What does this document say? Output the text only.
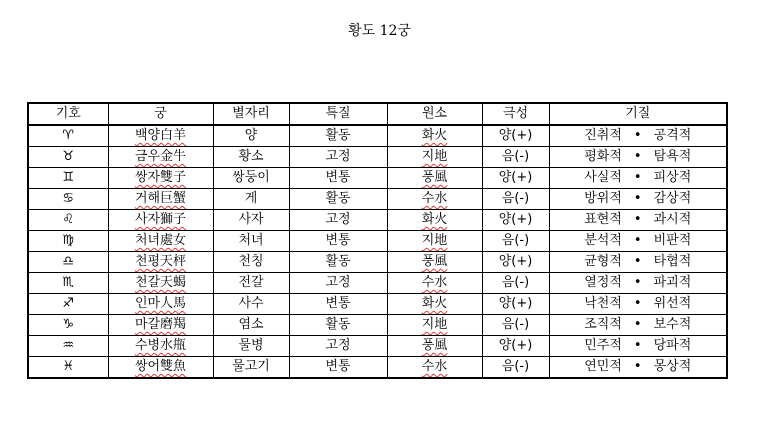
황도 12궁
기호	궁	별자리	특질	원소	극성	기질
♈	백양白羊	양	활동	화火	양(+)	진취적 • 공격적
♉	금우金牛	황소	고정	지地	음(-)	평화적 • 탐욕적
♊	쌍자雙子	쌍둥이	변통	풍風	양(+)	사실적 • 피상적
♋	거해巨蟹	게	활동	수水	음(-)	방위적 • 감상적
♌	사자獅子	사자	고정	화火	양(+)	표현적 • 과시적
♍	처녀處女	처녀	변통	지地	음(-)	분석적 • 비판적
♎	천평天枰	천칭	활동	풍風	양(+)	균형적 • 타협적
♏	천갈天蝎	전갈	고정	수水	음(-)	열정적 • 파괴적
♐	인마人馬	사수	변통	화火	양(+)	낙천적 • 위선적
♑	마갈磨羯	염소	활동	지地	음(-)	조직적 • 보수적
♒	수병水甁	물병	고정	풍風	양(+)	민주적 • 당파적
♓	쌍어雙魚	물고기	변통	수水	음(-)	연민적 • 몽상적
